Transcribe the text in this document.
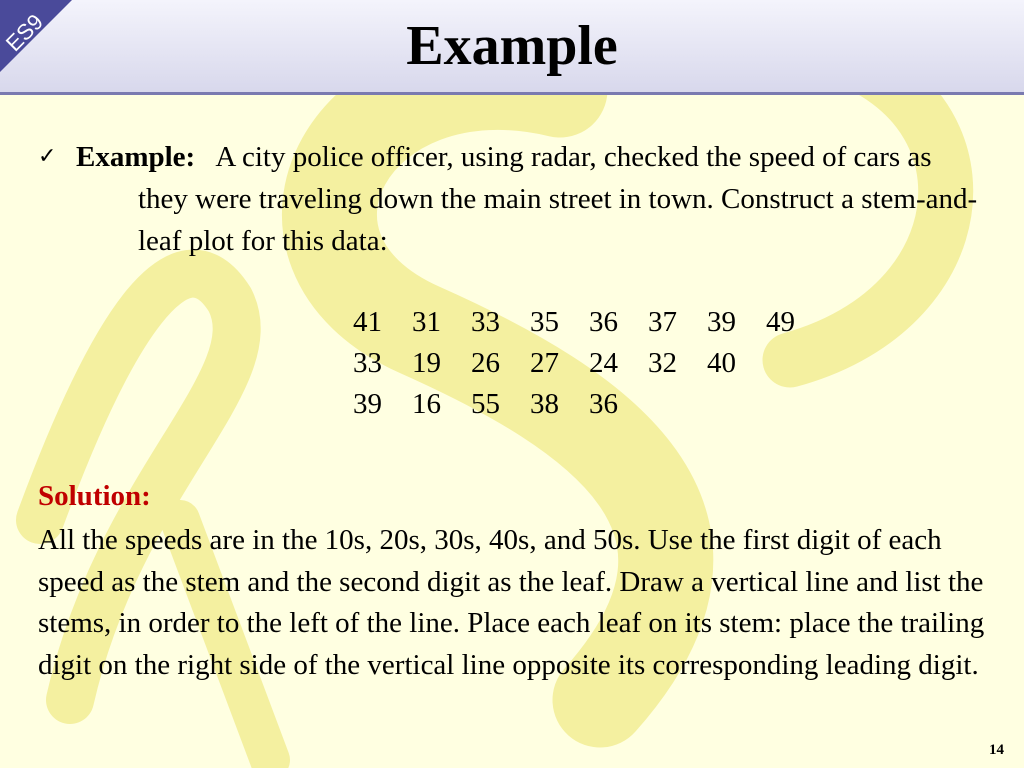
ES9	Example
✓ Example: A city police officer, using radar, checked the speed of cars as they were traveling down the main street in town. Construct a stem-and-leaf plot for this data:
41	31	33	35	36	37	39	49
33	19	26	27	24	32	40	
39	16	55	38	36			
Solution:
All the speeds are in the 10s, 20s, 30s, 40s, and 50s. Use the first digit of each speed as the stem and the second digit as the leaf. Draw a vertical line and list the stems, in order to the left of the line. Place each leaf on its stem: place the trailing digit on the right side of the vertical line opposite its corresponding leading digit.
14
